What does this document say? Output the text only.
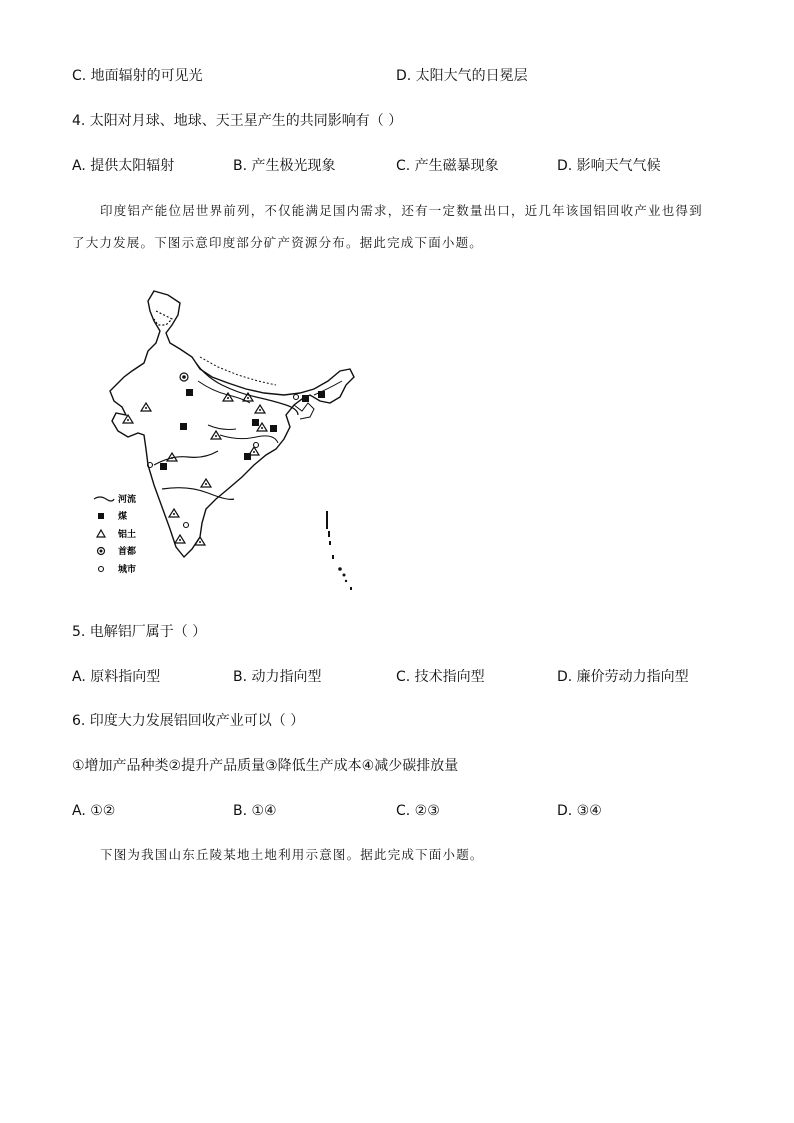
C. 地面辐射的可见光	D. 太阳大气的日冕层
4. 太阳对月球、地球、天王星产生的共同影响有（ ）
A. 提供太阳辐射	B. 产生极光现象	C. 产生磁暴现象	D. 影响天气气候
印度铝产能位居世界前列，不仅能满足国内需求，还有一定数量出口，近几年该国铝回收产业也得到
了大力发展。下图示意印度部分矿产资源分布。据此完成下面小题。
河流
煤
铝土
首都
城市
5. 电解铝厂属于（ ）
A. 原料指向型	B. 动力指向型	C. 技术指向型	D. 廉价劳动力指向型
6. 印度大力发展铝回收产业可以（ ）
①增加产品种类②提升产品质量③降低生产成本④减少碳排放量
A. ①②	B. ①④	C. ②③	D. ③④
下图为我国山东丘陵某地土地利用示意图。据此完成下面小题。
